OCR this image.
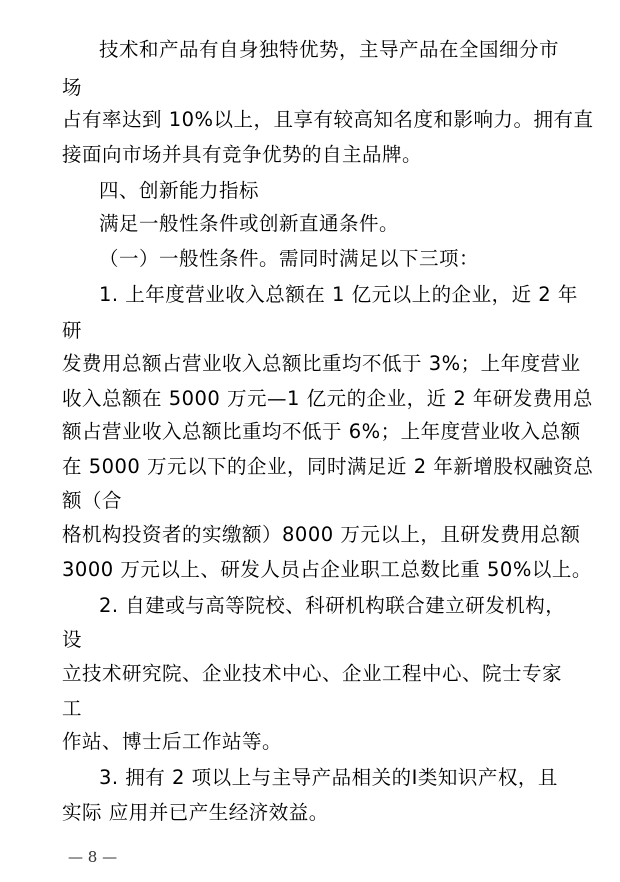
技术和产品有自身独特优势，主导产品在全国细分市
场
占有率达到 10%以上，且享有较高知名度和影响力。拥有直
接面向市场并具有竞争优势的自主品牌。
四、创新能力指标
满足一般性条件或创新直通条件。
（一）一般性条件。需同时满足以下三项：
1. 上年度营业收入总额在 1 亿元以上的企业，近 2 年
研
发费用总额占营业收入总额比重均不低于 3%；上年度营业
收入总额在 5000 万元—1 亿元的企业，近 2 年研发费用总
额占营业收入总额比重均不低于 6%；上年度营业收入总额
在 5000 万元以下的企业，同时满足近 2 年新增股权融资总
额（合
格机构投资者的实缴额）8000 万元以上，且研发费用总额
3000 万元以上、研发人员占企业职工总数比重 50%以上。
2. 自建或与高等院校、科研机构联合建立研发机构，
设
立技术研究院、企业技术中心、企业工程中心、院士专家
工
作站、博士后工作站等。
3. 拥有 2 项以上与主导产品相关的Ⅰ类知识产权，且
实际 应用并已产生经济效益。
— 8 —
